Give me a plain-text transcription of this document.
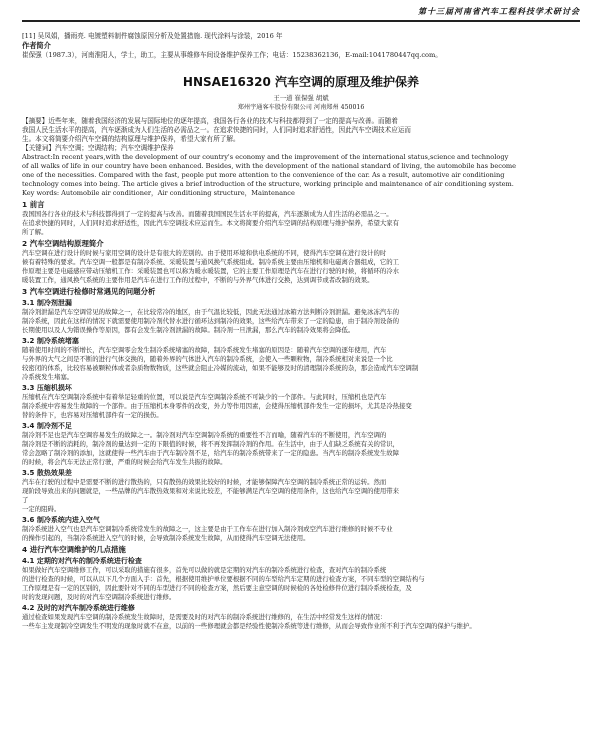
第十三届河南省汽车工程科技学术研讨会

[11] 吴凤娟，播雨亮. 电镀塑料制件腐蚀原因分析及处置措施. 现代涂料与涂装，2016 年

作者简介

崔保强（1987.3），河南淮阳人，学士，助工，主要从事维修车间设备维护保养工作；电话：15238362136，E-mail:1041780447qq.com。

HNSAE16320 汽车空调的原理及维护保养

王一道 崔保强 胡斌

郑州宇通客车股份有限公司 河南郑州 450016

【摘要】近些年来，随着我国经济的发展与国际地位的逐年提高，我国各行各业的技术与科技都得到了一定的提高与改善。而随着

我国人民生活水平的提高，汽车逐渐成为人们生活的必需品之一。在追求快捷的同时，人们同时追求舒适性，因此汽车空调技术应运而

生。本文将简要介绍汽车空调的结构原理与维护保养，希望大家有所了解。

【关键词】汽车空调；空调结构；汽车空调维护保养

Abstract:In recent years,with the development of our country's economy and the improvement of the international status,science and technology

of all walks of life in our country have been enhanced. Besides, with the development of the national standard of living, the automobile has become

one of the necessities. Compared with the fast, people put more attention to the convenience of the car. As a result, automotive air conditioning

technology comes into being. The article gives a brief introduction of the structure, working principle and maintenance of air conditioning system.

Key words: Automobile air conditioner，Air conditioning structure，Maintenance

1 前言

我国国各行各业的技术与科技都得到了一定的提高与改善。而随着我国国民生活水平的提高，汽车逐渐成为人们生活的必需品之一。

在追求快捷的同时，人们同时追求舒适性，因此汽车空调技术应运而生。本文将简要介绍汽车空调的结构原理与维护保养，希望大家有

所了解。

2 汽车空调结构原理简介

汽车空调在进行设计的时候与家用空调的设计是有很大的差别的。由于使用环境和供电系统的不同，使得汽车空调在进行设计的时

候有着特殊的要求。汽车空调一般都是有制冷系统、采暖装置与通风换气系统组成。制冷系统主要由压缩机和电磁离合器组成，它的工

作原理主要是电磁感应带动压缩机工作：采暖装置也可以称为暖水暖装置，它的主要工作原理是汽车在进行行驶的时候，将循环的冷水

暖装置工作，通风换气系统的主要作用是汽车在进行工作的过程中，不断的与外界气体进行交换，达到调节或者改制的效果。

3 汽车空调进行检修时常遇见的问题分析

3.1 制冷剂泄漏

制冷剂泄漏是汽车空调常见的故障之一，在比较常冷的地区，由于气温比较低，因此无法通过冰箱方法判断冷剂泄漏。避免冰冻汽车的

制冷系统，因此在这样的情况下就需要使用制冷剂代替水进行循环达到制冷的效果，这些给汽车带来了一定的隐患，由于制冷剂设备的

长期使用以及人为错误操作等原因，都有会发生制冷剂泄漏的故障。制冷剂一旦泄漏，那么汽车的制冷效果将会降低。

3.2 制冷系统堵塞

随着使用时间的不断增长，汽车空调零会发生制冷系统堵塞的故障，制冷系统发生堵塞的原因是：随着汽车空调的逐年使用，汽车

与外界的大气之间是不断的进行气体交换的，随着外界的气体进入汽车的制冷系统，会使入一些颗粒物，制冷系统相对来说是一个比

较密闭的体系，比较容易被颗粒体或者杂质物数物质，这些就会阻止冷媒的流动，如果不能够及时的清理制冷系统的杂，那会造成汽车空调制

冷系统发生堵塞。

3.3 压缩机损坏

压缩机在汽车空调制冷系统中有着举足轻重的位置，可以说是汽车空调制冷系统不可缺少的一个部件。与此同时，压缩机也是汽车

制冷系统中容易发生故障的一个部件。由于压缩机本身零件的改变，外力等作用因素，会使得压缩机部件发生一定的损坏，尤其是冷热接变

替的条件下，也容易对压缩机部件有一定的损伤。

3.4 制冷剂不足

制冷剂不足也是汽车空调容易发生的故障之一。制冷剂对汽车空调制冷系统的重要性不言而喻，随着汽车的不断使用，汽车空调的

制冷剂是不断的消耗的，制冷剂的量达到一定的下限值的时候，将不再发挥制冷剂的作用。在生活中，由于人们缺乏系统有关的常识，

常会忽略了制冷剂的添加，这就使得一些汽车由于汽车制冷剂不足，给汽车的制冷系统带来了一定的隐患。当汽车的制冷系统发生故障

的时候，将会汽车无法正常行驶，严重的时候会给汽车发生共振的故障。

3.5 散热效果差

汽车在行驶的过程中是需要不断的进行散热的，只有散热的效果比较好的时候，才能够保障汽车空调的制冷系统正常的运转。然而

现阶段导致出来的问题就是，一些品牌的汽车散热效果和对来说比较差，不能够满足汽车空调的使用条件，这也给汽车空调的使用带来

了

一定的阻碍。

3.6 制冷系统内进入空气

制冷系统进入空气也是汽车空调制冷系统常发生的故障之一，这主要是由于工作车在进行加入制冷剂或空汽车进行维修的时候不专业

的操作引起的，当制冷系统进入空气的时候，会导致制冷系统发生故障，从而使得汽车空调无法使用。

4 进行汽车空调维护的几点措施

4.1 定期的对汽车的制冷系统进行检查

如果做好汽车空调维修工作，可以采取的措施有很多，首先可以做的就是定期的对汽车的制冷系统进行检查，查对汽车的制冷系统

的进行检查的时候，可以从以下几个方面入手：首先，根据使用维护单位要根据不同的车型给汽车定期的进行检查方案，不同车型的空调结构与

工作原理是有一定的区别的，因此要针对不同的车型进行不同的检查方案，然后要主意空调的时候检的各处检修件位进行制冷系统检查，及

时的发现问题，及时的对汽车空调制冷系统进行维修。

4.2 及时的对汽车制冷系统进行维修

通过检查如果发现汽车空调的制冷系统发生故障时，是需要及时的对汽车的制冷系统进行维修的，在生活中经常发生这样的情况：

一些车主发现制冷空调发生不明发的现象时就不在意，以前的一些修理就会都是经验性使制冷系统等进行维修，从而会导致作业所不利于汽车空调的保护与维护。
